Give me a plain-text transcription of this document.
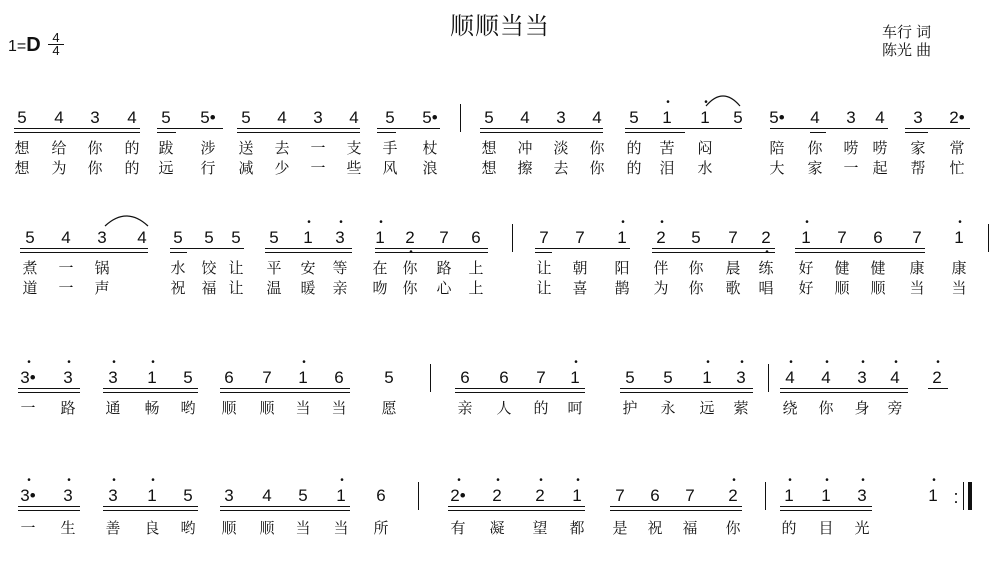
顺顺当当
1=D 4
4
车行 词
陈光 曲
5 4 3 4 5 5• 5 4 3 4 5 5•	5 4 3 4 5 1 1 5 5• 4 3 4 3 2•
•	•
想 给 你 的 跋 涉 送 去 一 支 手 杖	想 冲 淡 你 的 苦 闷	陪 你 唠 唠 家 常
想 为 你 的 远 行 减 少 一 些 风 浪	想 擦 去 你 的 泪 水	大 家 一 起 帮 忙
5 4 3 4 5 5 5 5 1 3 1 2 7 6	7 7 1 2 5 7 2 1 7 6 7 1
•	•	•	•	•	•	•
•	•
煮 一 锅	水 饺 让 平 安 等 在 你 路 上	让 朝 阳 伴 你 晨 练 好 健 健 康 康
道 一 声	祝 福 让 温 暖 亲 吻 你 心 上	让 喜 鹊 为 你 歌 唱 好 顺 顺 当 当
3• 3 3 1 5 6 7 1 6 5	6 6 7 1	5 5 1 3 4 4 3 4 2
•	•	•	•	•	•	•	•	•	•	•	•	•
一 路 通 畅 哟 顺 顺 当 当 愿	亲 人 的 呵	护 永 远 萦 绕 你 身 旁
3• 3 3 1 5 3 4 5 1 6	2• 2 2 1 7 6 7 2	1 1 3	1
•	•	•	•	•	•	•	•	•	•	•	•	•	•
:
一 生 善 良 哟 顺 顺 当 当 所	有 凝 望 都 是 祝 福 你	的 目 光
